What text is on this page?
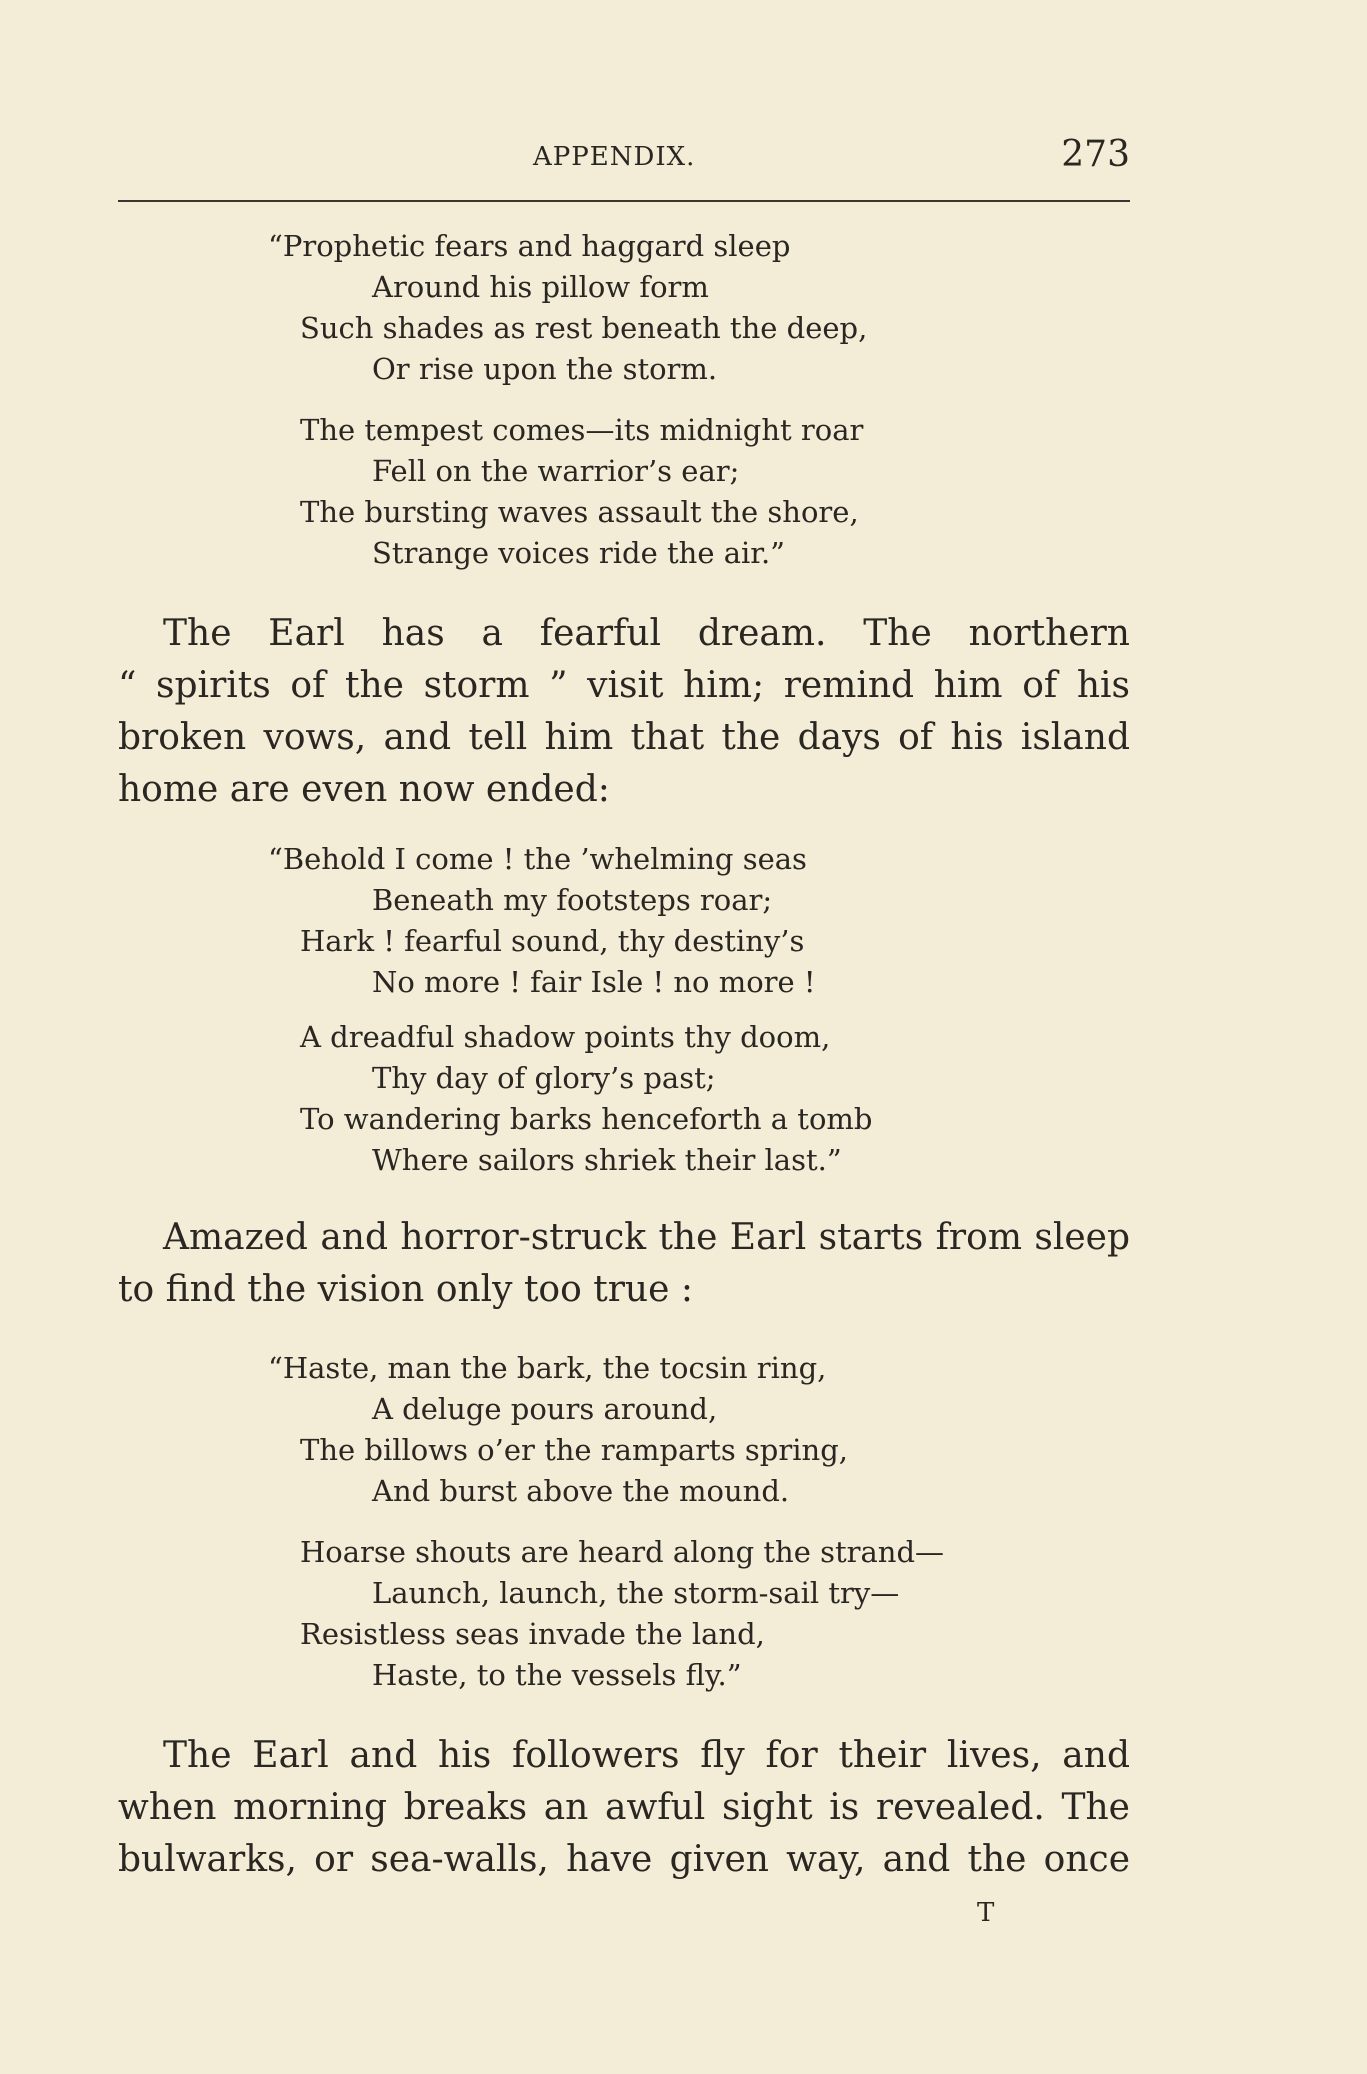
APPENDIX.	273
“Prophetic fears and haggard sleep
Around his pillow form
Such shades as rest beneath the deep,
Or rise upon the storm.
The tempest comes—its midnight roar
Fell on the warrior’s ear;
The bursting waves assault the shore,
Strange voices ride the air.”
The Earl has a fearful dream. The northern
“ spirits of the storm ” visit him; remind him of his
broken vows, and tell him that the days of his island
home are even now ended:
“Behold I come ! the ’whelming seas
Beneath my footsteps roar;
Hark ! fearful sound, thy destiny’s
No more ! fair Isle ! no more !
A dreadful shadow points thy doom,
Thy day of glory’s past;
To wandering barks henceforth a tomb
Where sailors shriek their last.”
Amazed and horror-struck the Earl starts from sleep
to find the vision only too true :
“Haste, man the bark, the tocsin ring,
A deluge pours around,
The billows o’er the ramparts spring,
And burst above the mound.
Hoarse shouts are heard along the strand—
Launch, launch, the storm-sail try—
Resistless seas invade the land,
Haste, to the vessels fly.”
The Earl and his followers fly for their lives, and
when morning breaks an awful sight is revealed. The
bulwarks, or sea-walls, have given way, and the once
T
